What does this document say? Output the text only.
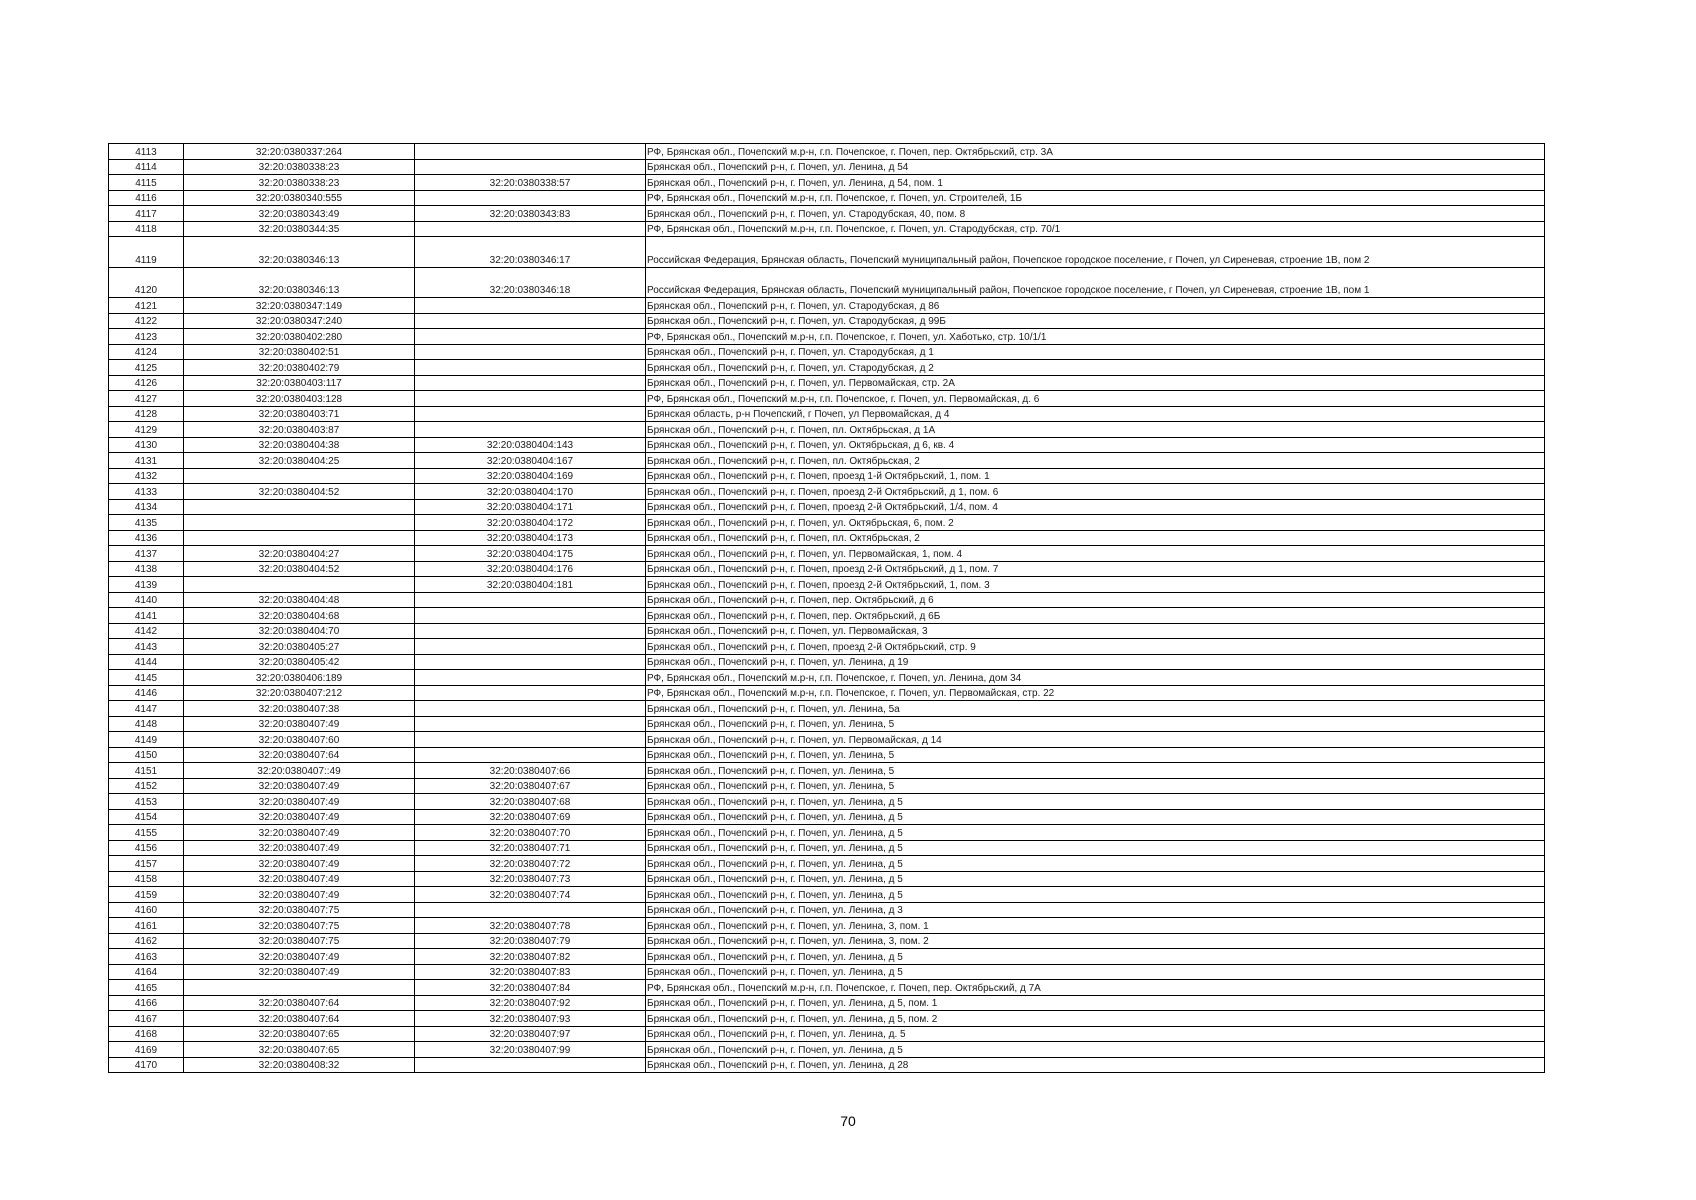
4113	32:20:0380337:264		РФ, Брянская обл., Почепский м.р-н, г.п. Почепское, г. Почеп, пер. Октябрьский, стр. 3А
4114	32:20:0380338:23		Брянская обл., Почепский р-н, г. Почеп, ул. Ленина, д 54
4115	32:20:0380338:23	32:20:0380338:57	Брянская обл., Почепский р-н, г. Почеп, ул. Ленина, д 54, пом. 1
4116	32:20:0380340:555		РФ, Брянская обл., Почепский м.р-н, г.п. Почепское, г. Почеп, ул. Строителей, 1Б
4117	32:20:0380343:49	32:20:0380343:83	Брянская обл., Почепский р-н, г. Почеп, ул. Стародубская, 40, пом. 8
4118	32:20:0380344:35		РФ, Брянская обл., Почепский м.р-н, г.п. Почепское, г. Почеп, ул. Стародубская, стр. 70/1
4119	32:20:0380346:13	32:20:0380346:17	Российская Федерация, Брянская область, Почепский муниципальный район, Почепское городское поселение, г Почеп, ул Сиреневая, строение 1В, пом 2
4120	32:20:0380346:13	32:20:0380346:18	Российская Федерация, Брянская область, Почепский муниципальный район, Почепское городское поселение, г Почеп, ул Сиреневая, строение 1В, пом 1
4121	32:20:0380347:149		Брянская обл., Почепский р-н, г. Почеп, ул. Стародубская, д 86
4122	32:20:0380347:240		Брянская обл., Почепский р-н, г. Почеп, ул. Стародубская, д 99Б
4123	32:20:0380402:280		РФ, Брянская обл., Почепский м.р-н, г.п. Почепское, г. Почеп, ул. Хаботько, стр. 10/1/1
4124	32:20:0380402:51		Брянская обл., Почепский р-н, г. Почеп, ул. Стародубская, д 1
4125	32:20:0380402:79		Брянская обл., Почепский р-н, г. Почеп, ул. Стародубская, д 2
4126	32:20:0380403:117		Брянская обл., Почепский р-н, г. Почеп, ул. Первомайская, стр. 2А
4127	32:20:0380403:128		РФ, Брянская обл., Почепский м.р-н, г.п. Почепское, г. Почеп, ул. Первомайская, д. 6
4128	32:20:0380403:71		Брянская область, р-н Почепский, г Почеп, ул Первомайская, д 4
4129	32:20:0380403:87		Брянская обл., Почепский р-н, г. Почеп, пл. Октябрьская, д 1А
4130	32:20:0380404:38	32:20:0380404:143	Брянская обл., Почепский р-н, г. Почеп, ул. Октябрьская, д 6, кв. 4
4131	32:20:0380404:25	32:20:0380404:167	Брянская обл., Почепский р-н, г. Почеп, пл. Октябрьская, 2
4132		32:20:0380404:169	Брянская обл., Почепский р-н, г. Почеп, проезд 1-й Октябрьский, 1, пом. 1
4133	32:20:0380404:52	32:20:0380404:170	Брянская обл., Почепский р-н, г. Почеп, проезд 2-й Октябрьский, д 1, пом. 6
4134		32:20:0380404:171	Брянская обл., Почепский р-н, г. Почеп, проезд 2-й Октябрьский, 1/4, пом. 4
4135		32:20:0380404:172	Брянская обл., Почепский р-н, г. Почеп, ул. Октябрьская, 6, пом. 2
4136		32:20:0380404:173	Брянская обл., Почепский р-н, г. Почеп, пл. Октябрьская, 2
4137	32:20:0380404:27	32:20:0380404:175	Брянская обл., Почепский р-н, г. Почеп, ул. Первомайская, 1, пом. 4
4138	32:20:0380404:52	32:20:0380404:176	Брянская обл., Почепский р-н, г. Почеп, проезд 2-й Октябрьский, д 1, пом. 7
4139		32:20:0380404:181	Брянская обл., Почепский р-н, г. Почеп, проезд 2-й Октябрьский, 1, пом. 3
4140	32:20:0380404:48		Брянская обл., Почепский р-н, г. Почеп, пер. Октябрьский, д 6
4141	32:20:0380404:68		Брянская обл., Почепский р-н, г. Почеп, пер. Октябрьский, д 6Б
4142	32:20:0380404:70		Брянская обл., Почепский р-н, г. Почеп, ул. Первомайская, 3
4143	32:20:0380405:27		Брянская обл., Почепский р-н, г. Почеп, проезд 2-й Октябрьский, стр. 9
4144	32:20:0380405:42		Брянская обл., Почепский р-н, г. Почеп, ул. Ленина, д 19
4145	32:20:0380406:189		РФ, Брянская обл., Почепский м.р-н, г.п. Почепское, г. Почеп, ул. Ленина, дом 34
4146	32:20:0380407:212		РФ, Брянская обл., Почепский м.р-н, г.п. Почепское, г. Почеп, ул. Первомайская, стр. 22
4147	32:20:0380407:38		Брянская обл., Почепский р-н, г. Почеп, ул. Ленина, 5а
4148	32:20:0380407:49		Брянская обл., Почепский р-н, г. Почеп, ул. Ленина, 5
4149	32:20:0380407:60		Брянская обл., Почепский р-н, г. Почеп, ул. Первомайская, д 14
4150	32:20:0380407:64		Брянская обл., Почепский р-н, г. Почеп, ул. Ленина, 5
4151	32:20:0380407::49	32:20:0380407:66	Брянская обл., Почепский р-н, г. Почеп, ул. Ленина, 5
4152	32:20:0380407:49	32:20:0380407:67	Брянская обл., Почепский р-н, г. Почеп, ул. Ленина, 5
4153	32:20:0380407:49	32:20:0380407:68	Брянская обл., Почепский р-н, г. Почеп, ул. Ленина, д 5
4154	32:20:0380407:49	32:20:0380407:69	Брянская обл., Почепский р-н, г. Почеп, ул. Ленина, д 5
4155	32:20:0380407:49	32:20:0380407:70	Брянская обл., Почепский р-н, г. Почеп, ул. Ленина, д 5
4156	32:20:0380407:49	32:20:0380407:71	Брянская обл., Почепский р-н, г. Почеп, ул. Ленина, д 5
4157	32:20:0380407:49	32:20:0380407:72	Брянская обл., Почепский р-н, г. Почеп, ул. Ленина, д 5
4158	32:20:0380407:49	32:20:0380407:73	Брянская обл., Почепский р-н, г. Почеп, ул. Ленина, д 5
4159	32:20:0380407:49	32:20:0380407:74	Брянская обл., Почепский р-н, г. Почеп, ул. Ленина, д 5
4160	32:20:0380407:75		Брянская обл., Почепский р-н, г. Почеп, ул. Ленина, д 3
4161	32:20:0380407:75	32:20:0380407:78	Брянская обл., Почепский р-н, г. Почеп, ул. Ленина, 3, пом. 1
4162	32:20:0380407:75	32:20:0380407:79	Брянская обл., Почепский р-н, г. Почеп, ул. Ленина, 3, пом. 2
4163	32:20:0380407:49	32:20:0380407:82	Брянская обл., Почепский р-н, г. Почеп, ул. Ленина, д 5
4164	32:20:0380407:49	32:20:0380407:83	Брянская обл., Почепский р-н, г. Почеп, ул. Ленина, д 5
4165		32:20:0380407:84	РФ, Брянская обл., Почепский м.р-н, г.п. Почепское, г. Почеп, пер. Октябрьский, д 7А
4166	32:20:0380407:64	32:20:0380407:92	Брянская обл., Почепский р-н, г. Почеп, ул. Ленина, д 5, пом. 1
4167	32:20:0380407:64	32:20:0380407:93	Брянская обл., Почепский р-н, г. Почеп, ул. Ленина, д 5, пом. 2
4168	32:20:0380407:65	32:20:0380407:97	Брянская обл., Почепский р-н, г. Почеп, ул. Ленина, д. 5
4169	32:20:0380407:65	32:20:0380407:99	Брянская обл., Почепский р-н, г. Почеп, ул. Ленина, д 5
4170	32:20:0380408:32		Брянская обл., Почепский р-н, г. Почеп, ул. Ленина, д 28
70
